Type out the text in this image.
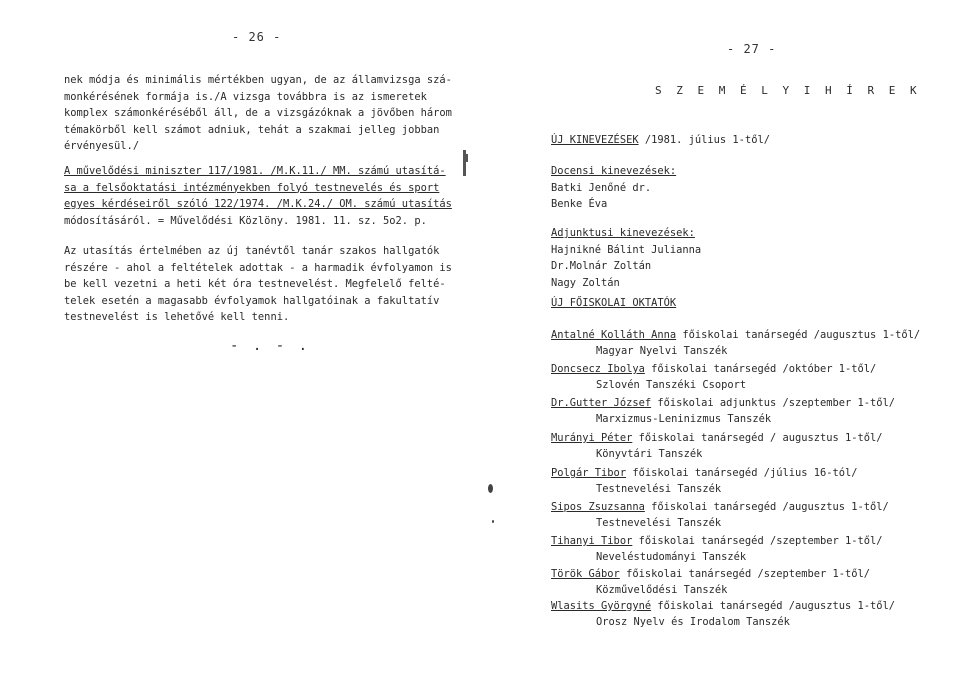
- 26 -
nek módja és minimális mértékben ugyan, de az államvizsga szá-
monkérésének formája is./A vizsga továbbra is az ismeretek
komplex számonkéréséből áll, de a vizsgázóknak a jövőben három
témakörből kell számot adniuk, tehát a szakmai jelleg jobban
érvényesül./
A művelődési miniszter 117/1981. /M.K.11./ MM. számú utasítá-
sa a felsőoktatási intézményekben folyó testnevelés és sport
egyes kérdéseiről szóló 122/1974. /M.K.24./ OM. számú utasítás
módosításáról. = Művelődési Közlöny. 1981. 11. sz. 5o2. p.
Az utasítás értelmében az új tanévtől tanár szakos hallgatók
részére - ahol a feltételek adottak - a harmadik évfolyamon is
be kell vezetni a heti két óra testnevelést. Megfelelő felté-
telek esetén a magasabb évfolyamok hallgatóinak a fakultatív
testnevelést is lehetővé kell tenni.
- . - .
- 27 -
S Z E M É L Y I H Í R E K
ÚJ KINEVEZÉSEK /1981. július 1-től/
Docensi kinevezések:
Batki Jenőné dr.
Benke Éva
Adjunktusi kinevezések:
Hajnikné Bálint Julianna
Dr.Molnár Zoltán
Nagy Zoltán
ÚJ FŐISKOLAI OKTATÓK
Antalné Kolláth Anna főiskolai tanársegéd /augusztus 1-től/
Magyar Nyelvi Tanszék
Doncsecz Ibolya főiskolai tanársegéd /október 1-től/
Szlovén Tanszéki Csoport
Dr.Gutter József főiskolai adjunktus /szeptember 1-től/
Marxizmus-Leninizmus Tanszék
Murányi Péter főiskolai tanársegéd / augusztus 1-től/
Könyvtári Tanszék
Polgár Tibor főiskolai tanársegéd /július 16-tól/
Testnevelési Tanszék
Sipos Zsuzsanna főiskolai tanársegéd /augusztus 1-től/
Testnevelési Tanszék
Tihanyi Tibor főiskolai tanársegéd /szeptember 1-től/
Neveléstudományi Tanszék
Török Gábor főiskolai tanársegéd /szeptember 1-től/
Közművelődési Tanszék
Wlasits Györgyné főiskolai tanársegéd /augusztus 1-től/
Orosz Nyelv és Irodalom Tanszék
